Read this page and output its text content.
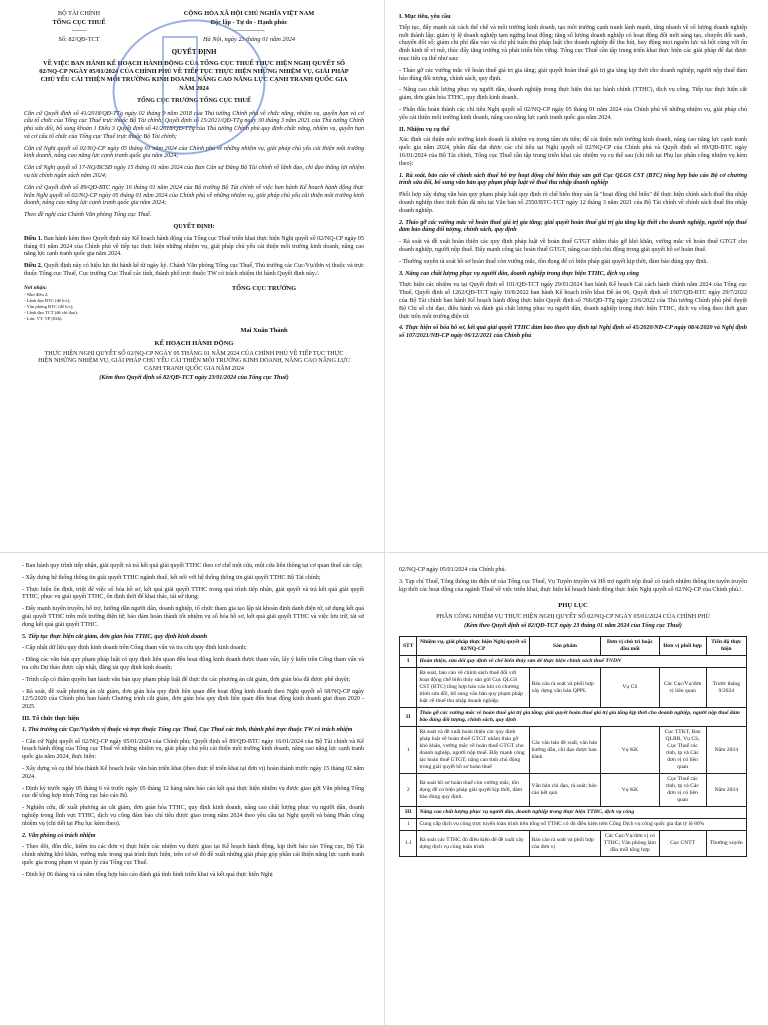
BỘ TÀI CHÍNH
TỔNG CỤC THUẾ
-------
Số: 82/QĐ-TCT
CỘNG HÒA XÃ HỘI CHỦ NGHĨA VIỆT NAM
Độc lập - Tự do - Hạnh phúc
---------------
Hà Nội, ngày 23 tháng 01 năm 2024
QUYẾT ĐỊNH
VỀ VIỆC BAN HÀNH KẾ HOẠCH HÀNH ĐỘNG CỦA TỔNG CỤC THUẾ THỰC HIỆN NGHỊ QUYẾT SỐ 02/NQ-CP NGÀY 05/01/2024 CỦA CHÍNH PHỦ VỀ TIẾP TỤC THỰC HIỆN NHỮNG NHIỆM VỤ, GIẢI PHÁP CHỦ YẾU CẢI THIỆN MÔI TRƯỜNG KINH DOANH, NÂNG CAO NĂNG LỰC CẠNH TRANH QUỐC GIA NĂM 2024
TỔNG CỤC TRƯỞNG TỔNG CỤC THUẾ

Căn cứ Quyết định số 41/2018/QĐ-TTg ngày 02 tháng 9 năm 2018 của Thủ tướng Chính phủ về chức năng, nhiệm vụ, quyền hạn và cơ cấu tổ chức của Tổng cục Thuế trực thuộc Bộ Tài chính; Quyết định số 15/2021/QĐ-TTg ngày 30 tháng 3 năm 2021 của Thủ tướng Chính phủ sửa đổi, bổ sung khoản 1 Điều 3 Quyết định số 41/2018/QĐ-TTg của Thủ tướng Chính phủ quy định chức năng, nhiệm vụ, quyền hạn và cơ cấu tổ chức của Tổng cục Thuế trực thuộc Bộ Tài chính;

Căn cứ Nghị quyết số 02/NQ-CP ngày 05 tháng 01 năm 2024 của Chính phủ về những nhiệm vụ, giải pháp chủ yếu cải thiện môi trường kinh doanh, nâng cao năng lực cạnh tranh quốc gia năm 2024;

Căn cứ Nghị quyết số 17-NQ/BCSĐ ngày 15 tháng 01 năm 2024 của Ban Cán sự Đảng Bộ Tài chính về lãnh đạo, chỉ đạo thắng lợi nhiệm vụ tài chính ngân sách năm 2024;

Căn cứ Quyết định số 89/QĐ-BTC ngày 16 tháng 01 năm 2024 của Bộ trưởng Bộ Tài chính về việc ban hành Kế hoạch hành động thực hiện Nghị quyết số 02/NQ-CP ngày 05 tháng 01 năm 2024 của Chính phủ về những nhiệm vụ, giải pháp chủ yếu cải thiện môi trường kinh doanh, nâng cao năng lực cạnh tranh quốc gia năm 2024;

Theo đề nghị của Chánh Văn phòng Tổng cục Thuế.

QUYẾT ĐỊNH:

Điều 1. Ban hành kèm theo Quyết định này Kế hoạch hành động của Tổng cục Thuế triển khai thực hiện Nghị quyết số 02/NQ-CP ngày 05 tháng 01 năm 2024 của Chính phủ về tiếp tục thực hiện những nhiệm vụ, giải pháp chủ yếu cải thiện môi trường kinh doanh, nâng cao năng lực cạnh tranh quốc gia năm 2024.

Điều 2. Quyết định này có hiệu lực thi hành kể từ ngày ký. Chánh Văn phòng Tổng cục Thuế, Thủ trưởng các Cục/Vụ/đơn vị thuộc và trực thuộc Tổng cục Thuế, Cục trưởng Cục Thuế các tỉnh, thành phố trực thuộc TW có trách nhiệm thi hành Quyết định này./.

Nơi nhận:
- Như điều 2;
- Lãnh đạo BTC (để b/c);
- Văn phòng BTC (để b/c);
- Lãnh đạo TCT (để chỉ đạo);
- Lưu: VT, VP (02b).
TỔNG CỤC TRƯỞNG
Mai Xuân Thành
KẾ HOẠCH HÀNH ĐỘNG
THỰC HIỆN NGHỊ QUYẾT SỐ 02/NQ-CP NGÀY 05 THÁNG 01 NĂM 2024 CỦA CHÍNH PHỦ VỀ TIẾP TỤC THỰC HIỆN NHỮNG NHIỆM VỤ, GIẢI PHÁP CHỦ YẾU CẢI THIỆN MÔI TRƯỜNG KINH DOANH, NÂNG CAO NĂNG LỰC CẠNH TRANH QUỐC GIA NĂM 2024
(Kèm theo Quyết định số 82/QĐ-TCT ngày 23/01/2024 của Tổng cục Thuế)
I. Mục tiêu, yêu cầu

Tiếp tục, đẩy mạnh cải cách thể chế và môi trường kinh doanh, tạo môi trường cạnh tranh lành mạnh, tăng nhanh về số lượng doanh nghiệp mới thành lập; giảm tỷ lệ doanh nghiệp tạm ngừng hoạt động; tăng số lượng doanh nghiệp có hoạt động đổi mới sáng tạo, chuyển đổi xanh, chuyển đổi số; giảm chi phí đầu vào và chi phí tuân thủ pháp luật cho doanh nghiệp để thu hút, huy động mọi nguồn lực xã hội cùng với ổn định kinh tế vĩ mô, thúc đẩy tăng trưởng và phát triển bền vững. Tổng cục Thuế cần tập trung triển khai thực hiện các giải pháp để đạt được mục tiêu cụ thể như sau:

- Thảo gỡ các vướng mắc về hoàn thuế giá trị gia tăng; giải quyết hoàn thuế giá trị gia tăng kịp thời cho doanh nghiệp, người nộp thuế đảm bảo đúng đối tượng, chính sách, quy định.

- Nâng cao chất lượng phục vụ người dân, doanh nghiệp trong thực hiện thủ tục hành chính (TTHC), dịch vụ công. Tiếp tục thực hiện cắt giảm, đơn giản hóa TTHC, quy định kinh doanh.

- Phấn đấu hoàn thành các chỉ tiêu Nghị quyết số 02/NQ-CP ngày 05 tháng 01 năm 2024 của Chính phủ về những nhiệm vụ, giải pháp chủ yếu cải thiện môi trường kinh doanh, nâng cao năng lực cạnh tranh quốc gia năm 2024.

II. Nhiệm vụ cụ thể

Xác định cải thiện môi trường kinh doanh là nhiệm vụ trọng tâm ưu tiên; để cải thiện môi trường kinh doanh, nâng cao năng lực cạnh tranh quốc gia năm 2024, phấn đấu đạt được các chỉ tiêu tại Nghị quyết số 02/NQ-CP của Chính phủ và Quyết định số 89/QĐ-BTC ngày 16/01/2024 của Bộ Tài chính, Tổng cục Thuế cần tập trung triển khai các nhiệm vụ cụ thể sau (chi tiết tại Phụ lục phân công nhiệm vụ kèm theo):

1. Rà soát, bảo cáo về chính sách thuế hỗ trợ hoạt động chế biến thủy sản gửi Cục QLGS CST (BTC) tổng hợp báo cáo Bộ cơ chương trình sửa đổi, bổ sung văn bản quy phạm pháp luật về thuế thu nhập doanh nghiệp

Phối hợp xây dựng văn bản quy phạm pháp luật quy định rõ chế biến thủy sản là "hoạt động chế biến" để thực hiện chính sách thuế thu nhập doanh nghiệp theo tinh thần đã nêu tại Văn bản số 2550/BTC-TCT ngày 12 tháng 3 năm 2021 của Bộ Tài chính về chính sách thuế thu nhập doanh nghiệp.

2. Tháo gỡ các vướng mắc về hoàn thuế giá trị gia tăng; giải quyết hoàn thuế giá trị gia tăng kịp thời cho doanh nghiệp, người nộp thuế đảm bảo đúng đối tượng, chính sách, quy định

- Rà soát và đề xuất hoàn thiện các quy định pháp luật về hoàn thuế GTGT nhằm tháo gỡ khó khăn, vướng mắc về hoàn thuế GTGT cho doanh nghiệp, người nộp thuế. Đẩy mạnh công tác hoàn thuế GTGT, nâng cao tính chủ động trong giải quyết hồ sơ hoàn thuế.

- Thường xuyên rà soát hồ sơ hoàn thuế còn vướng mắc, tồn đọng để có biện pháp giải quyết kịp thời, đảm bảo đúng quy định.

3. Nâng cao chất lượng phục vụ người dân, doanh nghiệp trong thực hiện TTHC, dịch vụ công

Thực hiện các nhiệm vụ tại Quyết định số 101/QĐ-TCT ngày 29/01/2024 ban hành Kế hoạch Cải cách hành chính năm 2024 của Tổng cục Thuế, Quyết định số 1262/QĐ-TCT ngày 10/8/2022 ban hành Kế hoạch triển khai Đề án 06, Quyết định số 1507/QĐ-BTC ngày 29/7/2022 của Bộ Tài chính ban hành Kế hoạch hành động thực hiện Quyết định số 766/QĐ-TTg ngày 23/6/2022 của Thủ tướng Chính phủ phê duyệt Bộ Chỉ số chỉ đạo, điều hành và đánh giá chất lượng phục vụ người dân, doanh nghiệp trong thực hiện TTHC, dịch vụ công theo thời gian thực trên môi trường điện tử.

4. Thực hiện số hóa hồ sơ, kết quả giải quyết TTHC đảm bảo theo quy định tại Nghị định số 45/2020/NĐ-CP ngày 08/4/2020 và Nghị định số 107/2021/NĐ-CP ngày 06/12/2021 của Chính phủ

- Ban hành quy trình tiếp nhận, giải quyết và trả kết quả giải quyết TTHC theo cơ chế một cửa, một cửa liên thông tại cơ quan thuế các cấp;

- Xây dựng hệ thống thông tin giải quyết TTHC ngành thuế, kết nối với hệ thống thông tin giải quyết TTHC Bộ Tài chính;

- Thực hiện ổn định, triệt để việc số hóa hồ sơ, kết quả giải quyết TTHC trong quá trình tiếp nhận, giải quyết và trả kết quả giải quyết TTHC, phục vụ giải quyết TTHC, ổn định thời để khai thác, tái sử dụng;

- Đẩy mạnh tuyên truyền, hỗ trợ, hướng dẫn người dân, doanh nghiệp, tổ chức tham gia tạo lập tài khoản định danh điện tử, sử dụng kết quả giải quyết TTHC trên môi trường điện tử; bảo đảm hoàn thành tốt nhiệm vụ số hóa hồ sơ, kết quả giải quyết TTHC và việc lưu trữ, tái sử dụng kết quả giải quyết TTHC.

5. Tiếp tục thực hiện cắt giảm, đơn giản hóa TTHC, quy định kinh doanh

- Cập nhật dữ liệu quy định kinh doanh trên Cổng tham vấn và tra cứu quy định kinh doanh;

- Đăng các văn bản quy phạm pháp luật có quy định liên quan đến hoạt động kinh doanh được tham vấn, lấy ý kiến trên Cổng tham vấn và tra cứu Dự thảo được cập nhật, đăng tải quy định kinh doanh;

- Trình cấp có thẩm quyền ban hành văn bản quy phạm pháp luật để thực thi các phương án cắt giảm, đơn giản hóa đã được phê duyệt;

- Rà soát, đề xuất phương án cắt giảm, đơn giản hóa quy định liên quan đến hoạt động kinh doanh theo Nghị quyết số 68/NQ-CP ngày 12/5/2020 của Chính phủ ban hành Chương trình cắt giảm, đơn giản hóa quy định liên quan đến hoạt động kinh doanh giai đoạn 2020 - 2025.

III. Tổ chức thực hiện

1. Thủ trưởng các Cục/Vụ/đơn vị thuộc và trực thuộc Tổng cục Thuế, Cục Thuế các tỉnh, thành phố trực thuộc TW có trách nhiệm

- Căn cứ Nghị quyết số 02/NQ-CP ngày 05/01/2024 của Chính phủ; Quyết định số 89/QĐ-BTC ngày 16/01/2024 của Bộ Tài chính và Kế hoạch hành động của Tổng cục Thuế về những nhiệm vụ, giải pháp chủ yếu cải thiện môi trường kinh doanh, nâng cao năng lực cạnh tranh quốc gia năm 2024, thực hiện:

- Xây dựng và cụ thể hóa thành Kế hoạch hoặc văn bản triển khai (theo thực tế triển khai tại đơn vị) hoàn thành trước ngày 15 tháng 02 năm 2024.

- Định kỳ trước ngày 05 tháng 6 và trước ngày 05 tháng 12 hàng năm báo cáo kết quả thực hiện nhiệm vụ được giao gửi Văn phòng Tổng cục để tổng hợp trình Tổng cục báo cáo Bộ.

- Nghiên cứu, đề xuất phương án cắt giảm, đơn giản hóa TTHC, quy định kinh doanh, nâng cao chất lượng phục vụ người dân, doanh nghiệp trong lĩnh vực TTHC, dịch vụ công đảm bảo chỉ tiêu được giao trong năm 2024 theo yêu cầu tại Nghị quyết và bảng Phân công nhiệm vụ (chi tiết tại Phụ lục kèm theo).

2. Văn phòng có trách nhiệm

- Theo dõi, đôn đốc, kiểm tra các đơn vị thực hiện các nhiệm vụ được giao tại Kế hoạch hành động, kịp thời báo cáo Tổng cục, Bộ Tài chính những khó khăn, vướng mắc trong quá trình thực hiện, trên cơ sở đó đề xuất những giải pháp góp phần cải thiện năng lực cạnh tranh quốc gia trong phạm vi quản lý của Tổng cục Thuế.

- Định kỳ 06 tháng và cả năm tổng hợp báo cáo đánh giá tình hình triển khai và kết quả thực hiện Nghị

02/NQ-CP ngày 05/01/2024 của Chính phủ.

3. Tạp chí Thuế, Tổng thông tin điện tử của Tổng cục Thuế, Vụ Tuyên truyền và Hỗ trợ người nộp thuế có trách nhiệm thông tin tuyên truyền kịp thời các hoạt động của ngành Thuế về việc triển khai, thực hiện kế hoạch hành động thực hiện Nghị quyết số 02/NQ-CP của Chính phủ./.

PHỤ LỤC
PHÂN CÔNG NHIỆM VỤ THỰC HIỆN NGHỊ QUYẾT SỐ 02/NQ-CP NGÀY 05/01/2024 CỦA CHÍNH PHỦ
(Kèm theo Quyết định số 82/QĐ-TCT ngày 23 tháng 01 năm 2024 của Tổng cục Thuế)
STT	Nhiệm vụ, giải pháp thực hiện Nghị quyết số 02/NQ-CP	Sản phẩm	Đơn vị chủ trì hoặc đầu mối	Đơn vị phối hợp	Tiến độ thực hiện
I	Hoàn thiện, sửa đổi quy định về chế biến thủy sản để thực hiện chính sách thuế TNDN				
	Rà soát, báo cáo về chính sách thuế đối với hoạt động chế biến thủy sản gửi Cục QLGS CST (BTC) tổng hợp báo cáo khi có chương trình sửa đổi, bổ sung văn bản quy phạm pháp luật về thuế thu nhập doanh nghiệp.	Báo cáo rà soát và phối hợp xây dựng văn bản QPPL	Vụ CS	Các Cục/Vụ/đơn vị liên quan	Trước tháng 9/2024
II	Tháo gỡ các vướng mắc về hoàn thuế giá trị gia tăng; giải quyết hoàn thuế giá trị gia tăng kịp thời cho doanh nghiệp, người nộp thuế đảm bảo đúng đối tượng, chính sách, quy định				
1	Rà soát và đề xuất hoàn thiện các quy định pháp luật về hoàn thuế GTGT nhằm tháo gỡ khó khăn, vướng mắc về hoàn thuế GTGT cho doanh nghiệp, người nộp thuế. Đẩy mạnh công tác hoàn thuế GTGT, nâng cao tính chủ động trong giải quyết hồ sơ hoàn thuế	Các văn bản đề xuất, văn bản hướng dẫn, chỉ đạo được ban hành	Vụ KK	Cục TTKT, Ban QLRR, Vụ CS, Cục Thuế các tỉnh, tp và Các đơn vị có liên quan	Năm 2024
2	Rà soát hồ sơ hoàn thuế còn vướng mắc, tồn đọng để có biện pháp giải quyết kịp thời, đảm bảo đúng quy định.	Văn bản chỉ đạo, rà soát; báo cáo kết quả	Vụ KK	Cục Thuế các tỉnh, tp và Các đơn vị có liên quan	Năm 2024
III	Nâng cao chất lượng phục vụ người dân, doanh nghiệp trong thực hiện TTHC, dịch vụ công				
1	Cung cấp dịch vụ công trực tuyến toàn trình trên tổng số TTHC có đủ điều kiện trên Cổng Dịch vụ công quốc gia đạt tỷ lệ 80%				
1.1	Rà soát các TTHC đủ điều kiện để đề xuất xây dựng dịch vụ công toàn trình	Báo cáo rà soát và phối hợp của đơn vị	Các Cục/Vụ/đơn vị có TTHC; Văn phòng làm đầu mối tổng hợp	Cục CNTT	Thường xuyên
